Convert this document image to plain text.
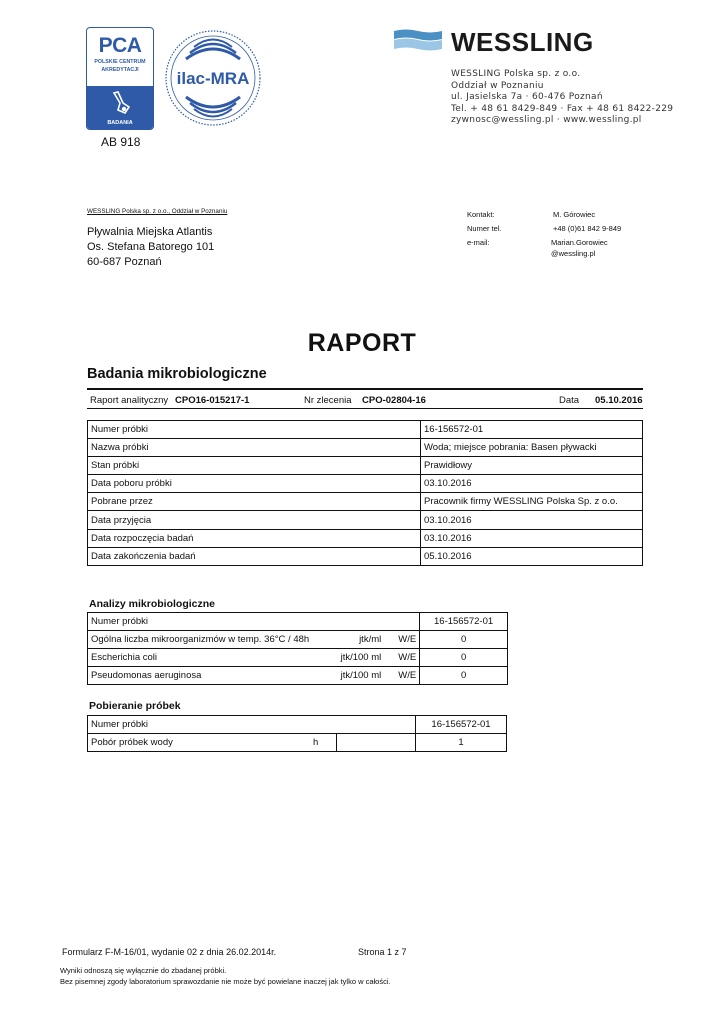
PCA
POLSKIE CENTRUM
AKREDYTACJI
BADANIA
AB 918
ilac-MRA
WESSLING
WESSLING Polska sp. z o.o.
Oddział w Poznaniu
ul. Jasielska 7a · 60-476 Poznań
Tel. + 48 61 8429-849 · Fax + 48 61 8422-229
zywnosc@wessling.pl · www.wessling.pl
WESSLING Polska sp. z o.o., Oddział w Poznaniu
Pływalnia Miejska Atlantis
Os. Stefana Batorego 101
60-687 Poznań
Kontakt:	M. Górowiec
Numer tel.	+48 (0)61 842 9-849
e-mail:	Marian.Gorowiec
@wessling.pl
RAPORT
Badania mikrobiologiczne
Raport analityczny CPO16-015217-1	Nr zlecenia CPO-02804-16	Data 05.10.2016
Numer próbki	16-156572-01
Nazwa próbki	Woda; miejsce pobrania: Basen pływacki
Stan próbki	Prawidłowy
Data poboru próbki	03.10.2016
Pobrane przez	Pracownik firmy WESSLING Polska Sp. z o.o.
Data przyjęcia	03.10.2016
Data rozpoczęcia badań	03.10.2016
Data zakończenia badań	05.10.2016
Analizy mikrobiologiczne
Numer próbki			16-156572-01
Ogólna liczba mikroorganizmów w temp. 36°C / 48h	jtk/ml	W/E	0
Escherichia coli	jtk/100 ml	W/E	0
Pseudomonas aeruginosa	jtk/100 ml	W/E	0
Pobieranie próbek
Numer próbki			16-156572-01
Pobór próbek wody	h		1
Formularz F-M-16/01, wydanie 02 z dnia 26.02.2014r.	Strona 1 z 7
Wyniki odnoszą się wyłącznie do zbadanej próbki.
Bez pisemnej zgody laboratorium sprawozdanie nie może być powielane inaczej jak tylko w całości.
